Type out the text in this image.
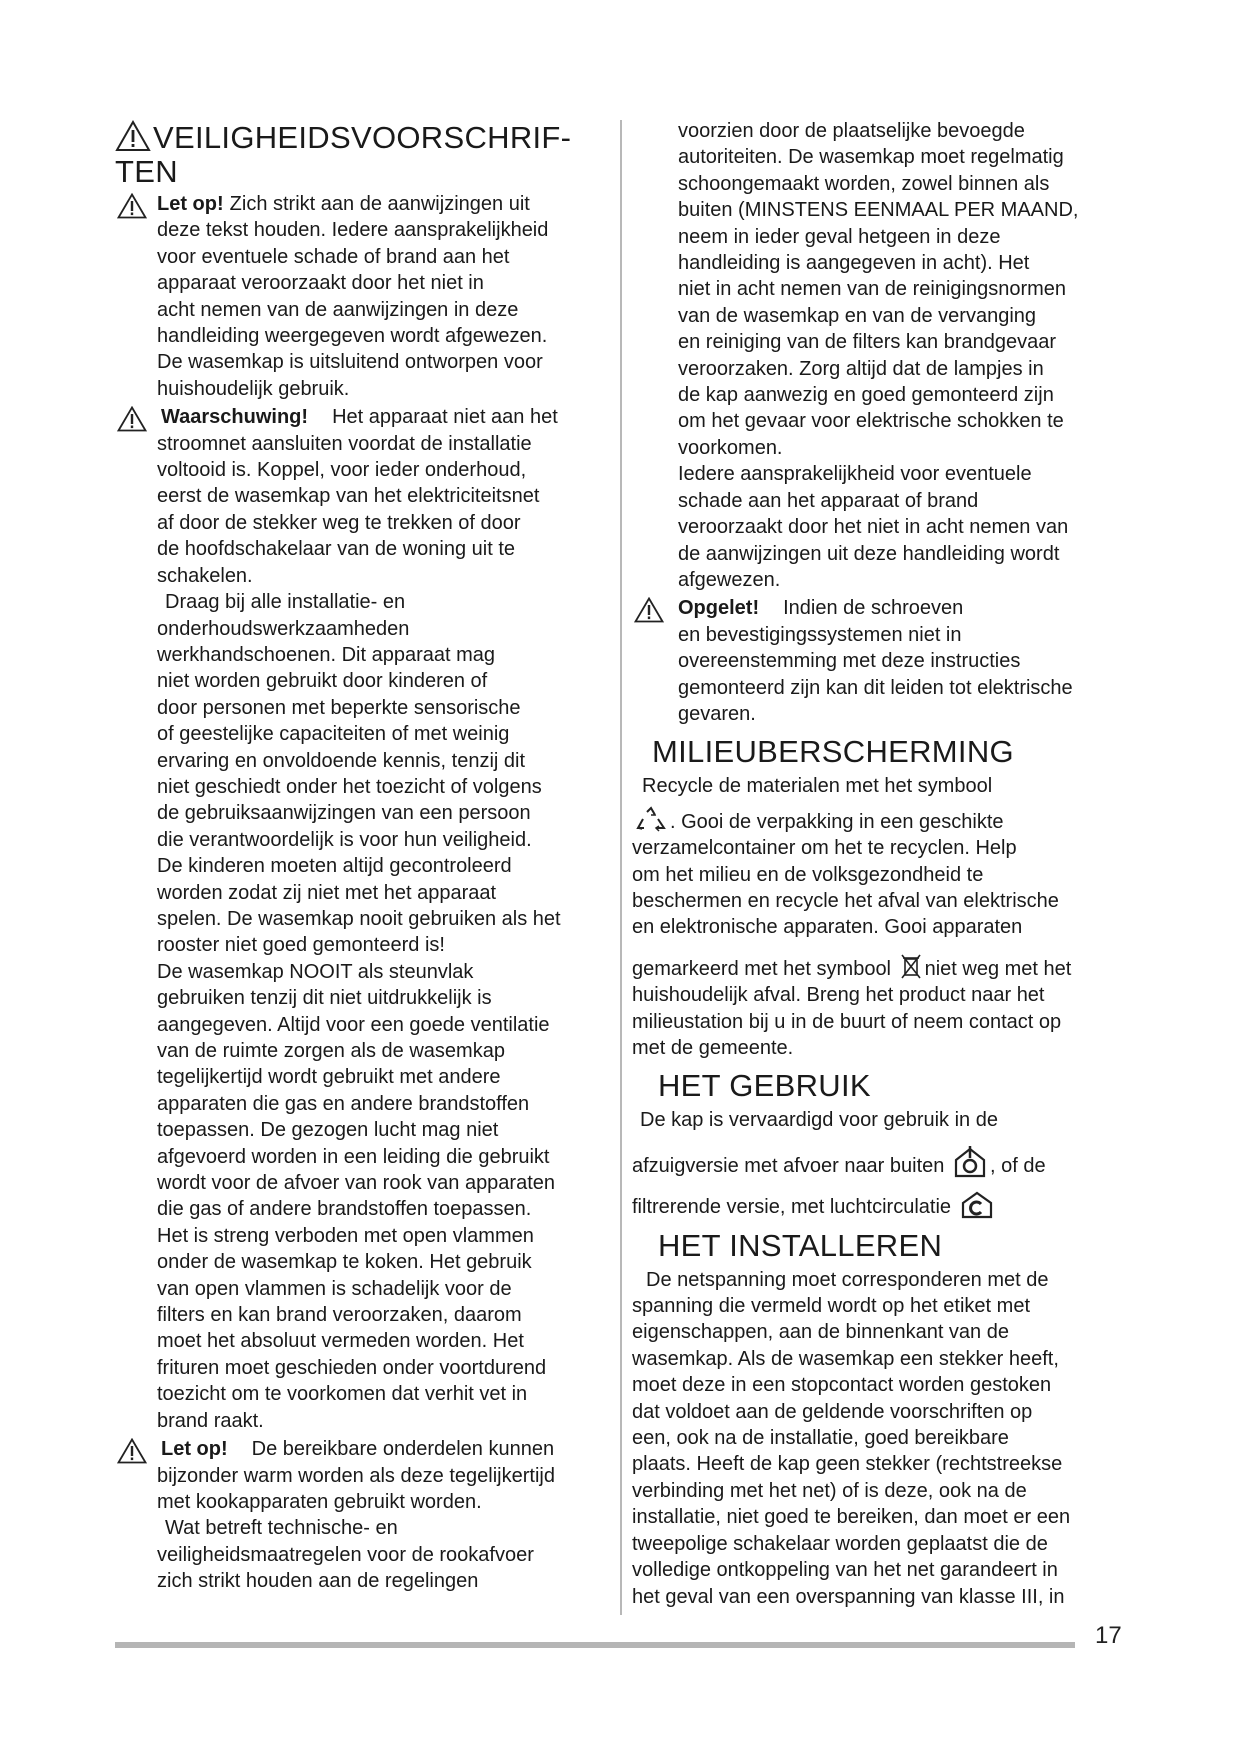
VEILIGHEIDSVOORSCHRIF-
TEN

Let op! Zich strikt aan de aanwijzingen uit

deze tekst houden. Iedere aansprakelijkheid

voor eventuele schade of brand aan het

apparaat veroorzaakt door het niet in

acht nemen van de aanwijzingen in deze

handleiding weergegeven wordt afgewezen.

De wasemkap is uitsluitend ontworpen voor

huishoudelijk gebruik.

Waarschuwing! Het apparaat niet aan het

stroomnet aansluiten voordat de installatie

voltooid is. Koppel, voor ieder onderhoud,

eerst de wasemkap van het elektriciteitsnet

af door de stekker weg te trekken of door

de hoofdschakelaar van de woning uit te

schakelen.

Draag bij alle installatie- en

onderhoudswerkzaamheden

werkhandschoenen. Dit apparaat mag

niet worden gebruikt door kinderen of

door personen met beperkte sensorische

of geestelijke capaciteiten of met weinig

ervaring en onvoldoende kennis, tenzij dit

niet geschiedt onder het toezicht of volgens

de gebruiksaanwijzingen van een persoon

die verantwoordelijk is voor hun veiligheid.

De kinderen moeten altijd gecontroleerd

worden zodat zij niet met het apparaat

spelen. De wasemkap nooit gebruiken als het

rooster niet goed gemonteerd is!

De wasemkap NOOIT als steunvlak

gebruiken tenzij dit niet uitdrukkelijk is

aangegeven. Altijd voor een goede ventilatie

van de ruimte zorgen als de wasemkap

tegelijkertijd wordt gebruikt met andere

apparaten die gas en andere brandstoffen

toepassen. De gezogen lucht mag niet

afgevoerd worden in een leiding die gebruikt

wordt voor de afvoer van rook van apparaten

die gas of andere brandstoffen toepassen.

Het is streng verboden met open vlammen

onder de wasemkap te koken. Het gebruik

van open vlammen is schadelijk voor de

filters en kan brand veroorzaken, daarom

moet het absoluut vermeden worden. Het

frituren moet geschieden onder voortdurend

toezicht om te voorkomen dat verhit vet in

brand raakt.

Let op! De bereikbare onderdelen kunnen

bijzonder warm worden als deze tegelijkertijd

met kookapparaten gebruikt worden.

Wat betreft technische- en

veiligheidsmaatregelen voor de rookafvoer

zich strikt houden aan de regelingen

voorzien door de plaatselijke bevoegde

autoriteiten. De wasemkap moet regelmatig

schoongemaakt worden, zowel binnen als

buiten (MINSTENS EENMAAL PER MAAND,

neem in ieder geval hetgeen in deze

handleiding is aangegeven in acht). Het

niet in acht nemen van de reinigingsnormen

van de wasemkap en van de vervanging

en reiniging van de filters kan brandgevaar

veroorzaken. Zorg altijd dat de lampjes in

de kap aanwezig en goed gemonteerd zijn

om het gevaar voor elektrische schokken te

voorkomen.

Iedere aansprakelijkheid voor eventuele

schade aan het apparaat of brand

veroorzaakt door het niet in acht nemen van

de aanwijzingen uit deze handleiding wordt

afgewezen.

Opgelet! Indien de schroeven

en bevestigingssystemen niet in

overeenstemming met deze instructies

gemonteerd zijn kan dit leiden tot elektrische

gevaren.

MILIEUBERSCHERMING

Recycle de materialen met het symbool

. Gooi de verpakking in een geschikte

verzamelcontainer om het te recyclen. Help

om het milieu en de volksgezondheid te

beschermen en recycle het afval van elektrische

en elektronische apparaten. Gooi apparaten

gemarkeerd met het symbool niet weg met het

huishoudelijk afval. Breng het product naar het

milieustation bij u in de buurt of neem contact op

met de gemeente.

HET GEBRUIK

De kap is vervaardigd voor gebruik in de

afzuigversie met afvoer naar buiten , of de

filtrerende versie, met luchtcirculatie

HET INSTALLEREN

De netspanning moet corresponderen met de

spanning die vermeld wordt op het etiket met

eigenschappen, aan de binnenkant van de

wasemkap. Als de wasemkap een stekker heeft,

moet deze in een stopcontact worden gestoken

dat voldoet aan de geldende voorschriften op

een, ook na de installatie, goed bereikbare

plaats. Heeft de kap geen stekker (rechtstreekse

verbinding met het net) of is deze, ook na de

installatie, niet goed te bereiken, dan moet er een

tweepolige schakelaar worden geplaatst die de

volledige ontkoppeling van het net garandeert in

het geval van een overspanning van klasse III, in

17
